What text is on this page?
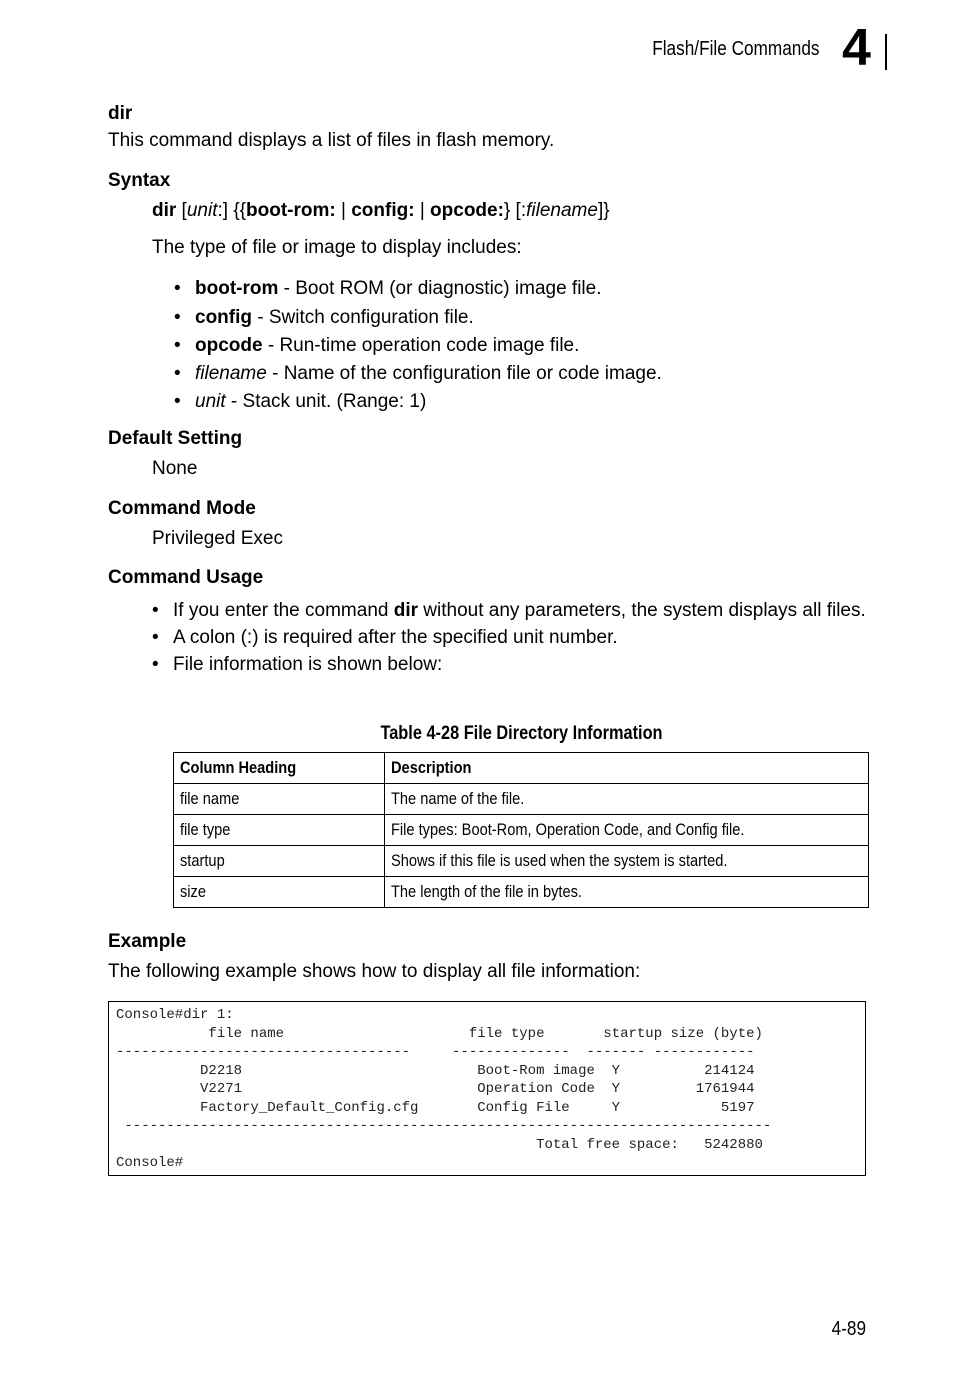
Flash/File Commands 4
dir
This command displays a list of files in flash memory.
Syntax
dir [unit:] {{boot-rom: | config: | opcode:} [:filename]}
The type of file or image to display includes:
• boot-rom - Boot ROM (or diagnostic) image file.
• config - Switch configuration file.
• opcode - Run-time operation code image file.
• filename - Name of the configuration file or code image.
• unit - Stack unit. (Range: 1)
Default Setting
None
Command Mode
Privileged Exec
Command Usage
• If you enter the command dir without any parameters, the system displays all files.
• A colon (:) is required after the specified unit number.
• File information is shown below:
Table 4-28 File Directory Information
Column Heading	Description
file name	The name of the file.
file type	File types: Boot-Rom, Operation Code, and Config file.
startup	Shows if this file is used when the system is started.
size	The length of the file in bytes.
Example
The following example shows how to display all file information:
Console#dir 1:
file name                      file type       startup size (byte)
-----------------------------------     --------------  ------- ------------
D2218                            Boot-Rom image  Y          214124
V2271                            Operation Code  Y         1761944
Factory_Default_Config.cfg       Config File     Y            5197
-----------------------------------------------------------------------------
Total free space:   5242880
Console#
4-89
